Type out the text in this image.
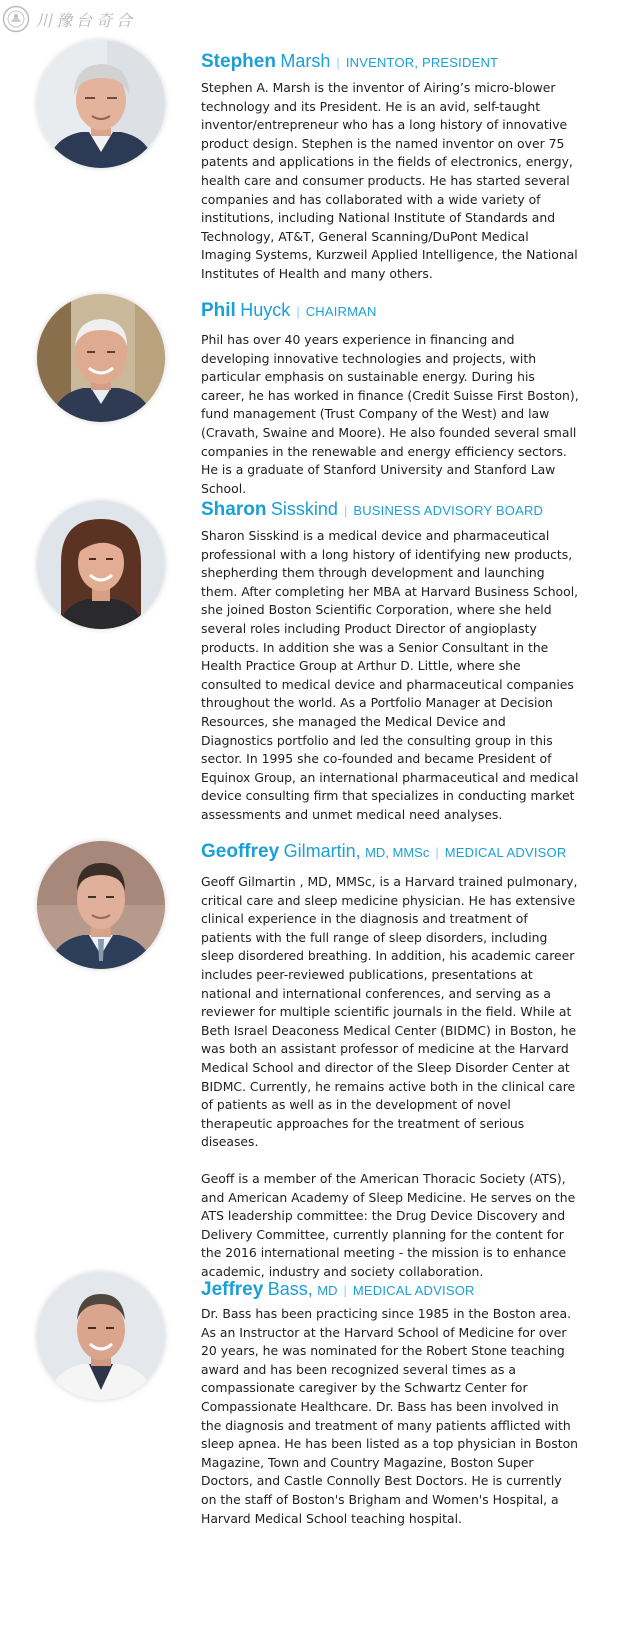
川豫台奇合
Stephen Marsh | INVENTOR, PRESIDENT

Stephen A. Marsh is the inventor of Airing’s micro-blower technology and its President. He is an avid, self-taught inventor/entrepreneur who has a long history of innovative product design. Stephen is the named inventor on over 75 patents and applications in the fields of electronics, energy, health care and consumer products. He has started several companies and has collaborated with a wide variety of institutions, including National Institute of Standards and Technology, AT&T, General Scanning/DuPont Medical Imaging Systems, Kurzweil Applied Intelligence, the National Institutes of Health and many others.

Phil Huyck | CHAIRMAN

Phil has over 40 years experience in financing and developing innovative technologies and projects, with particular emphasis on sustainable energy. During his career, he has worked in finance (Credit Suisse First Boston), fund management (Trust Company of the West) and law (Cravath, Swaine and Moore). He also founded several small companies in the renewable and energy efficiency sectors. He is a graduate of Stanford University and Stanford Law School.

Sharon Sisskind | BUSINESS ADVISORY BOARD

Sharon Sisskind is a medical device and pharmaceutical professional with a long history of identifying new products, shepherding them through development and launching them. After completing her MBA at Harvard Business School, she joined Boston Scientific Corporation, where she held several roles including Product Director of angioplasty products. In addition she was a Senior Consultant in the Health Practice Group at Arthur D. Little, where she consulted to medical device and pharmaceutical companies throughout the world. As a Portfolio Manager at Decision Resources, she managed the Medical Device and Diagnostics portfolio and led the consulting group in this sector. In 1995 she co-founded and became President of Equinox Group, an international pharmaceutical and medical device consulting firm that specializes in conducting market assessments and unmet medical need analyses.

Geoffrey Gilmartin, MD, MMSc | MEDICAL ADVISOR

Geoff Gilmartin , MD, MMSc, is a Harvard trained pulmonary, critical care and sleep medicine physician. He has extensive clinical experience in the diagnosis and treatment of patients with the full range of sleep disorders, including sleep disordered breathing. In addition, his academic career includes peer-reviewed publications, presentations at national and international conferences, and serving as a reviewer for multiple scientific journals in the field. While at Beth Israel Deaconess Medical Center (BIDMC) in Boston, he was both an assistant professor of medicine at the Harvard Medical School and director of the Sleep Disorder Center at BIDMC. Currently, he remains active both in the clinical care of patients as well as in the development of novel therapeutic approaches for the treatment of serious diseases.

Geoff is a member of the American Thoracic Society (ATS), and American Academy of Sleep Medicine. He serves on the ATS leadership committee: the Drug Device Discovery and Delivery Committee, currently planning for the content for the 2016 international meeting - the mission is to enhance academic, industry and society collaboration.

Jeffrey Bass, MD | MEDICAL ADVISOR

Dr. Bass has been practicing since 1985 in the Boston area. As an Instructor at the Harvard School of Medicine for over 20 years, he was nominated for the Robert Stone teaching award and has been recognized several times as a compassionate caregiver by the Schwartz Center for Compassionate Healthcare. Dr. Bass has been involved in the diagnosis and treatment of many patients afflicted with sleep apnea. He has been listed as a top physician in Boston Magazine, Town and Country Magazine, Boston Super Doctors, and Castle Connolly Best Doctors. He is currently on the staff of Boston's Brigham and Women's Hospital, a Harvard Medical School teaching hospital.
